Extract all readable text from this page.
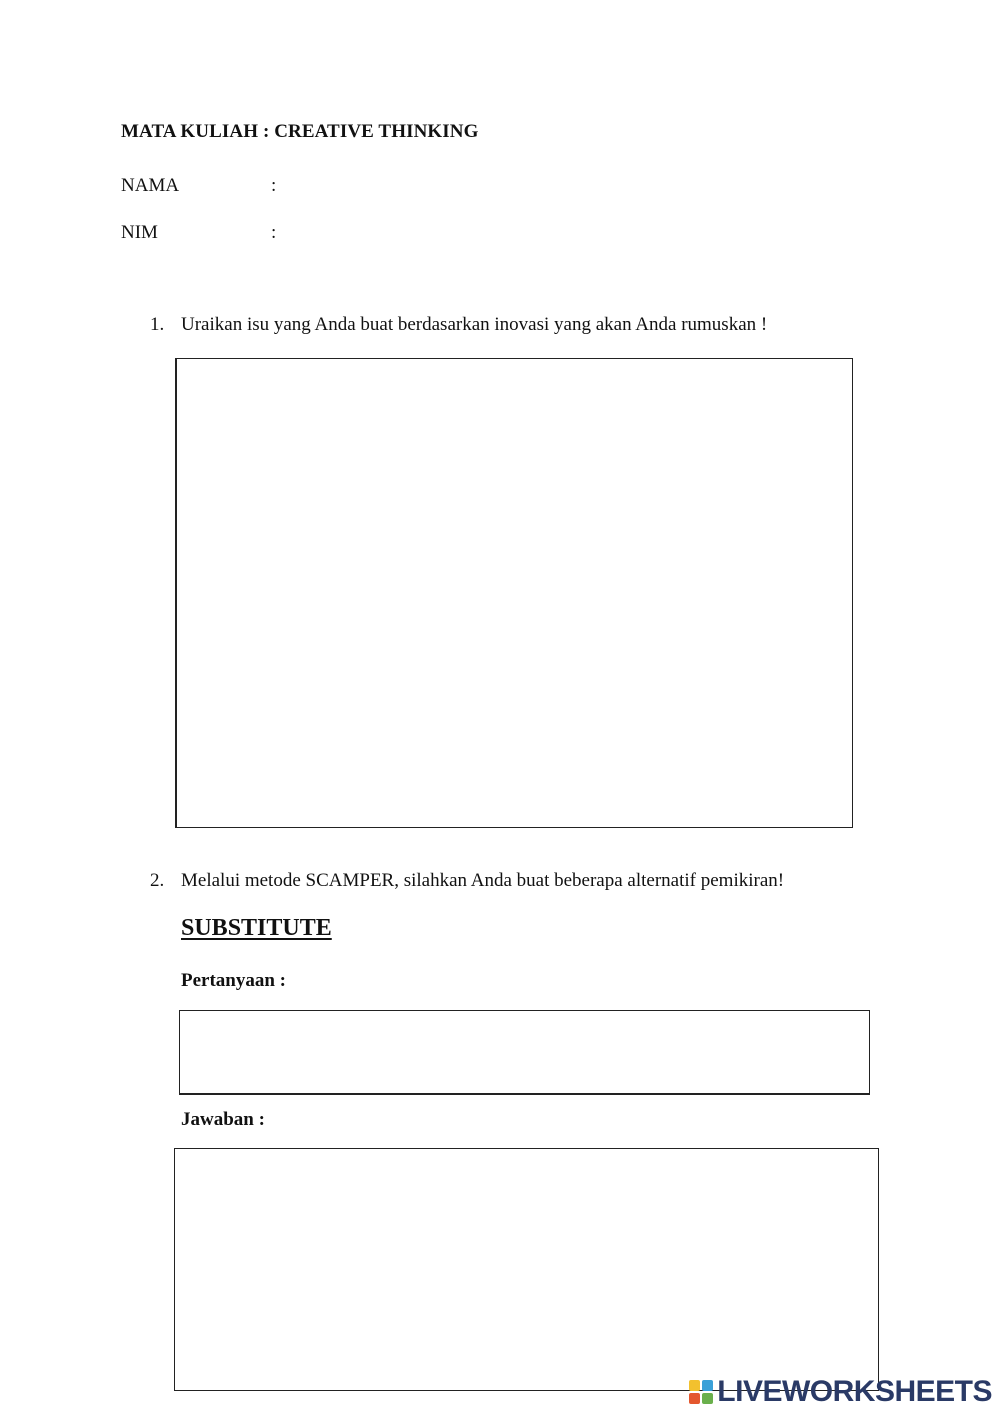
MATA KULIAH : CREATIVE THINKING
NAMA	:
NIM	:
1. Uraikan isu yang Anda buat berdasarkan inovasi yang akan Anda rumuskan !
2. Melalui metode SCAMPER, silahkan Anda buat beberapa alternatif pemikiran!
SUBSTITUTE
Pertanyaan :
Jawaban :
LIVEWORKSHEETS
